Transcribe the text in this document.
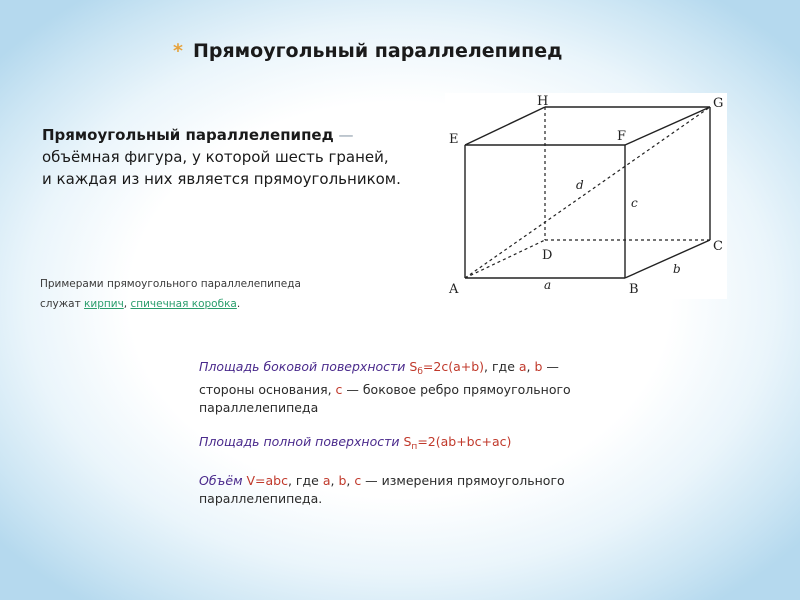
* Прямоугольный параллелепипед
Прямоугольный параллелепипед — объёмная фигура, у которой шесть граней, и каждая из них является прямоугольником.
A	B
C
D
E	F
G
H
a
b
c
d
Примерами прямоугольного параллелепипеда
служат кирпич, спичечная коробка.

Площадь боковой поверхности $S_б=2c(a+b)$, где a, b — стороны основания, c — боковое ребро прямоугольного параллелепипеда

Площадь полной поверхности $S_п=2(ab+bc+ac)$

Объём V=abc, где a, b, c — измерения прямоугольного параллелепипеда.
